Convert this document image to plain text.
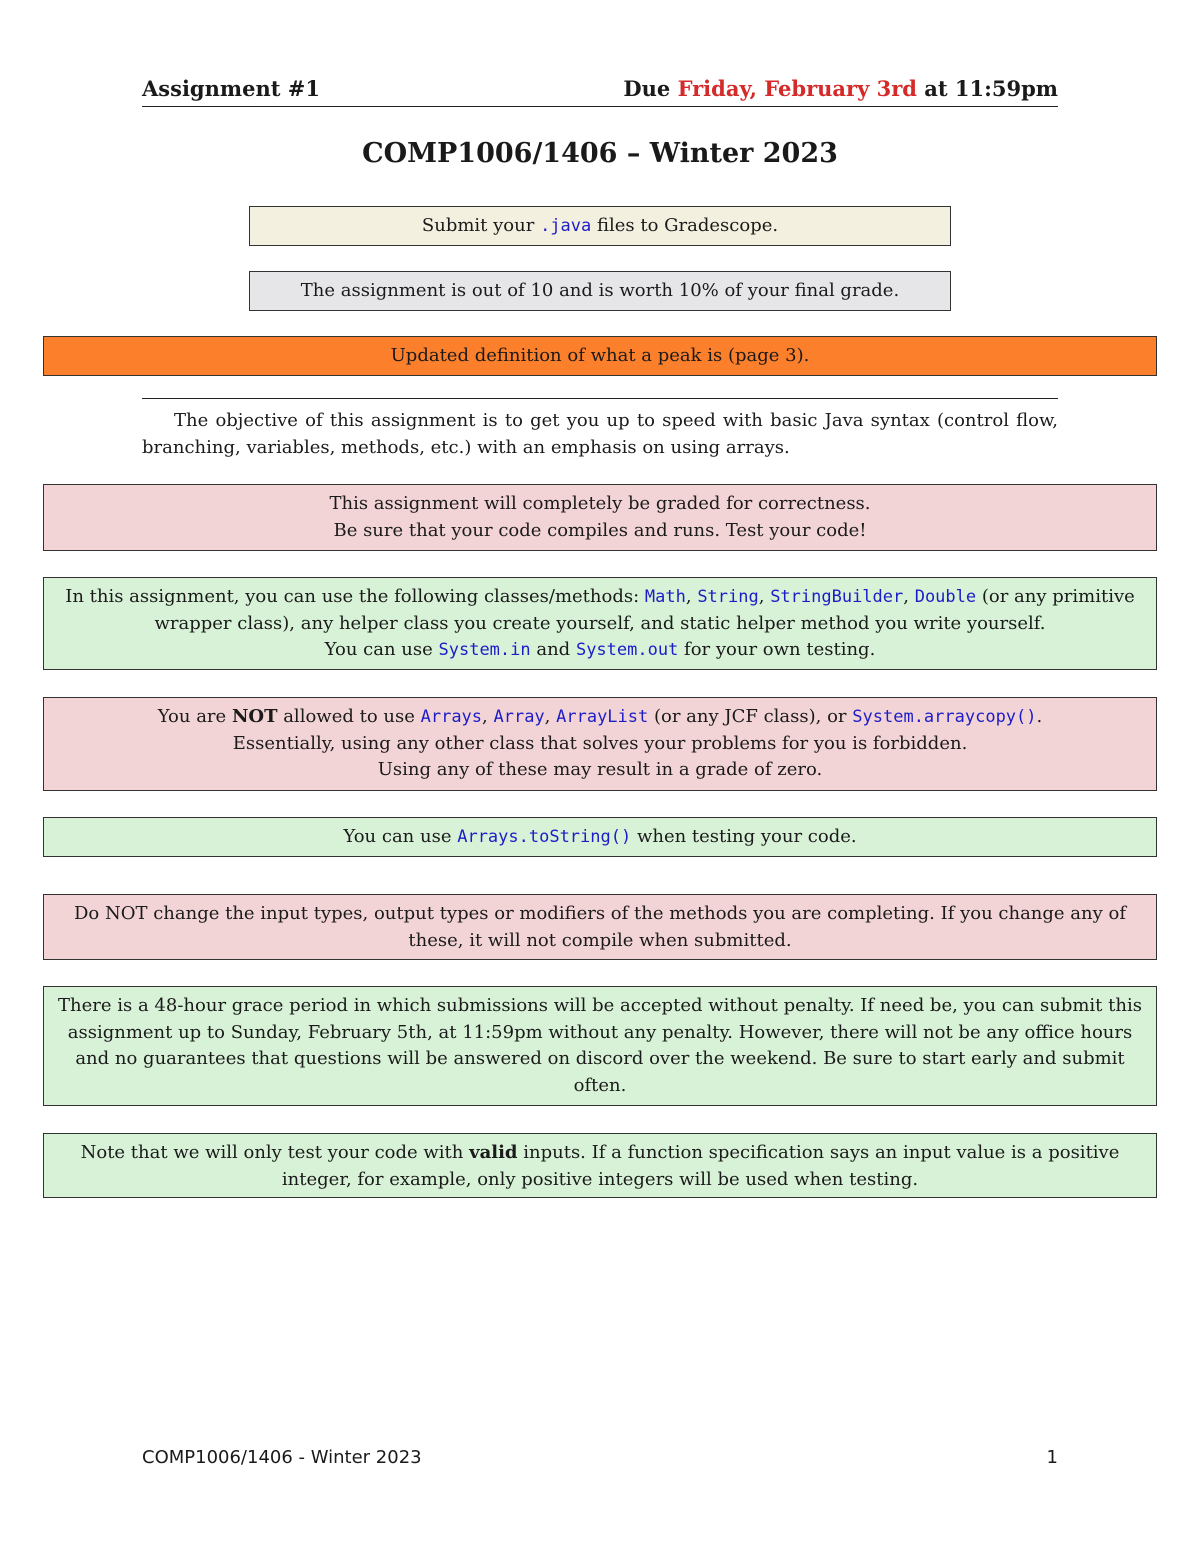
Assignment #1	Due Friday, February 3rd at 11:59pm
COMP1006/1406 – Winter 2023
Submit your .java files to Gradescope.
The assignment is out of 10 and is worth 10% of your final grade.
Updated definition of what a peak is (page 3).
The objective of this assignment is to get you up to speed with basic Java syntax (control flow, branching, variables, methods, etc.) with an emphasis on using arrays.
This assignment will completely be graded for correctness.
Be sure that your code compiles and runs. Test your code!
In this assignment, you can use the following classes/methods: Math, String, StringBuilder, Double (or any primitive wrapper class), any helper class you create yourself, and static helper method you write yourself.
You can use System.in and System.out for your own testing.
You are NOT allowed to use Arrays, Array, ArrayList (or any JCF class), or System.arraycopy().
Essentially, using any other class that solves your problems for you is forbidden.
Using any of these may result in a grade of zero.
You can use Arrays.toString() when testing your code.
Do NOT change the input types, output types or modifiers of the methods you are completing. If you change any of these, it will not compile when submitted.
There is a 48-hour grace period in which submissions will be accepted without penalty. If need be, you can submit this assignment up to Sunday, February 5th, at 11:59pm without any penalty. However, there will not be any office hours and no guarantees that questions will be answered on discord over the weekend. Be sure to start early and submit often.
Note that we will only test your code with valid inputs. If a function specification says an input value is a positive integer, for example, only positive integers will be used when testing.
COMP1006/1406 - Winter 2023	1
